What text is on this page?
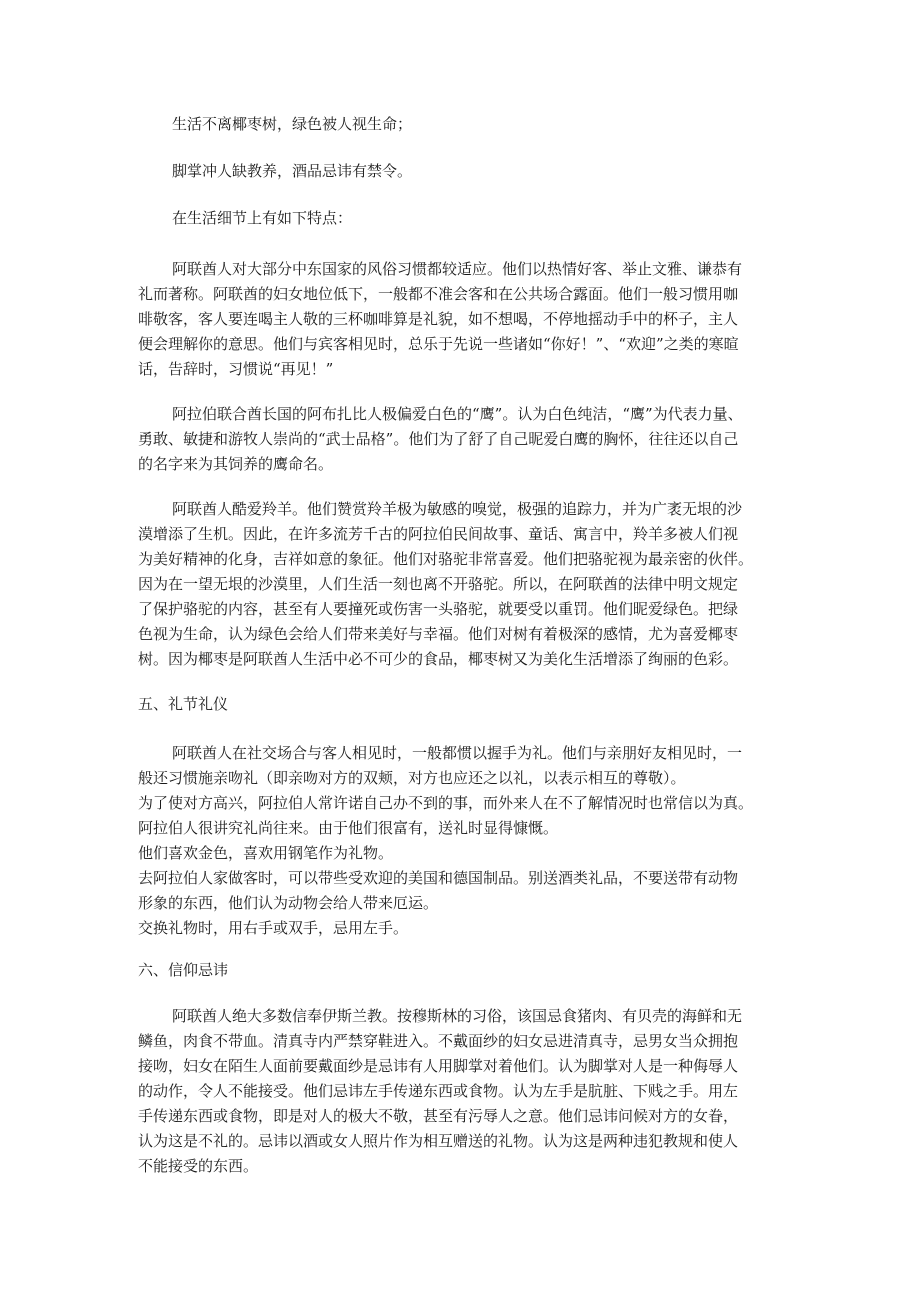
生活不离椰枣树，绿色被人视生命；

脚掌冲人缺教养，酒品忌讳有禁令。

在生活细节上有如下特点：

阿联酋人对大部分中东国家的风俗习惯都较适应。他们以热情好客、举止文雅、谦恭有
礼而著称。阿联酋的妇女地位低下，一般都不准会客和在公共场合露面。他们一般习惯用咖
啡敬客，客人要连喝主人敬的三杯咖啡算是礼貌，如不想喝，不停地摇动手中的杯子，主人
便会理解你的意思。他们与宾客相见时，总乐于先说一些诸如“你好！”、“欢迎”之类的寒暄
话，告辞时，习惯说“再见！”

阿拉伯联合酋长国的阿布扎比人极偏爱白色的“鹰”。认为白色纯洁，“鹰”为代表力量、
勇敢、敏捷和游牧人崇尚的“武士品格”。他们为了舒了自己昵爱白鹰的胸怀，往往还以自己
的名字来为其饲养的鹰命名。

阿联酋人酷爱羚羊。他们赞赏羚羊极为敏感的嗅觉，极强的追踪力，并为广袤无垠的沙
漠增添了生机。因此，在许多流芳千古的阿拉伯民间故事、童话、寓言中，羚羊多被人们视
为美好精神的化身，吉祥如意的象征。他们对骆驼非常喜爱。他们把骆驼视为最亲密的伙伴。
因为在一望无垠的沙漠里，人们生活一刻也离不开骆驼。所以，在阿联酋的法律中明文规定
了保护骆驼的内容，甚至有人要撞死或伤害一头骆驼，就要受以重罚。他们昵爱绿色。把绿
色视为生命，认为绿色会给人们带来美好与幸福。他们对树有着极深的感情，尤为喜爱椰枣
树。因为椰枣是阿联酋人生活中必不可少的食品，椰枣树又为美化生活增添了绚丽的色彩。

五、礼节礼仪

阿联酋人在社交场合与客人相见时，一般都惯以握手为礼。他们与亲朋好友相见时，一
般还习惯施亲吻礼（即亲吻对方的双颊，对方也应还之以礼，以表示相互的尊敬）。
为了使对方高兴，阿拉伯人常许诺自己办不到的事，而外来人在不了解情况时也常信以为真。
阿拉伯人很讲究礼尚往来。由于他们很富有，送礼时显得慷慨。
他们喜欢金色，喜欢用钢笔作为礼物。
去阿拉伯人家做客时，可以带些受欢迎的美国和德国制品。别送酒类礼品，不要送带有动物
形象的东西，他们认为动物会给人带来厄运。
交换礼物时，用右手或双手，忌用左手。

六、信仰忌讳

阿联酋人绝大多数信奉伊斯兰教。按穆斯林的习俗，该国忌食猪肉、有贝壳的海鲜和无
鳞鱼，肉食不带血。清真寺内严禁穿鞋进入。不戴面纱的妇女忌进清真寺，忌男女当众拥抱
接吻，妇女在陌生人面前要戴面纱是忌讳有人用脚掌对着他们。认为脚掌对人是一种侮辱人
的动作，令人不能接受。他们忌讳左手传递东西或食物。认为左手是肮脏、下贱之手。用左
手传递东西或食物，即是对人的极大不敬，甚至有污辱人之意。他们忌讳问候对方的女眷，
认为这是不礼的。忌讳以酒或女人照片作为相互赠送的礼物。认为这是两种违犯教规和使人
不能接受的东西。
